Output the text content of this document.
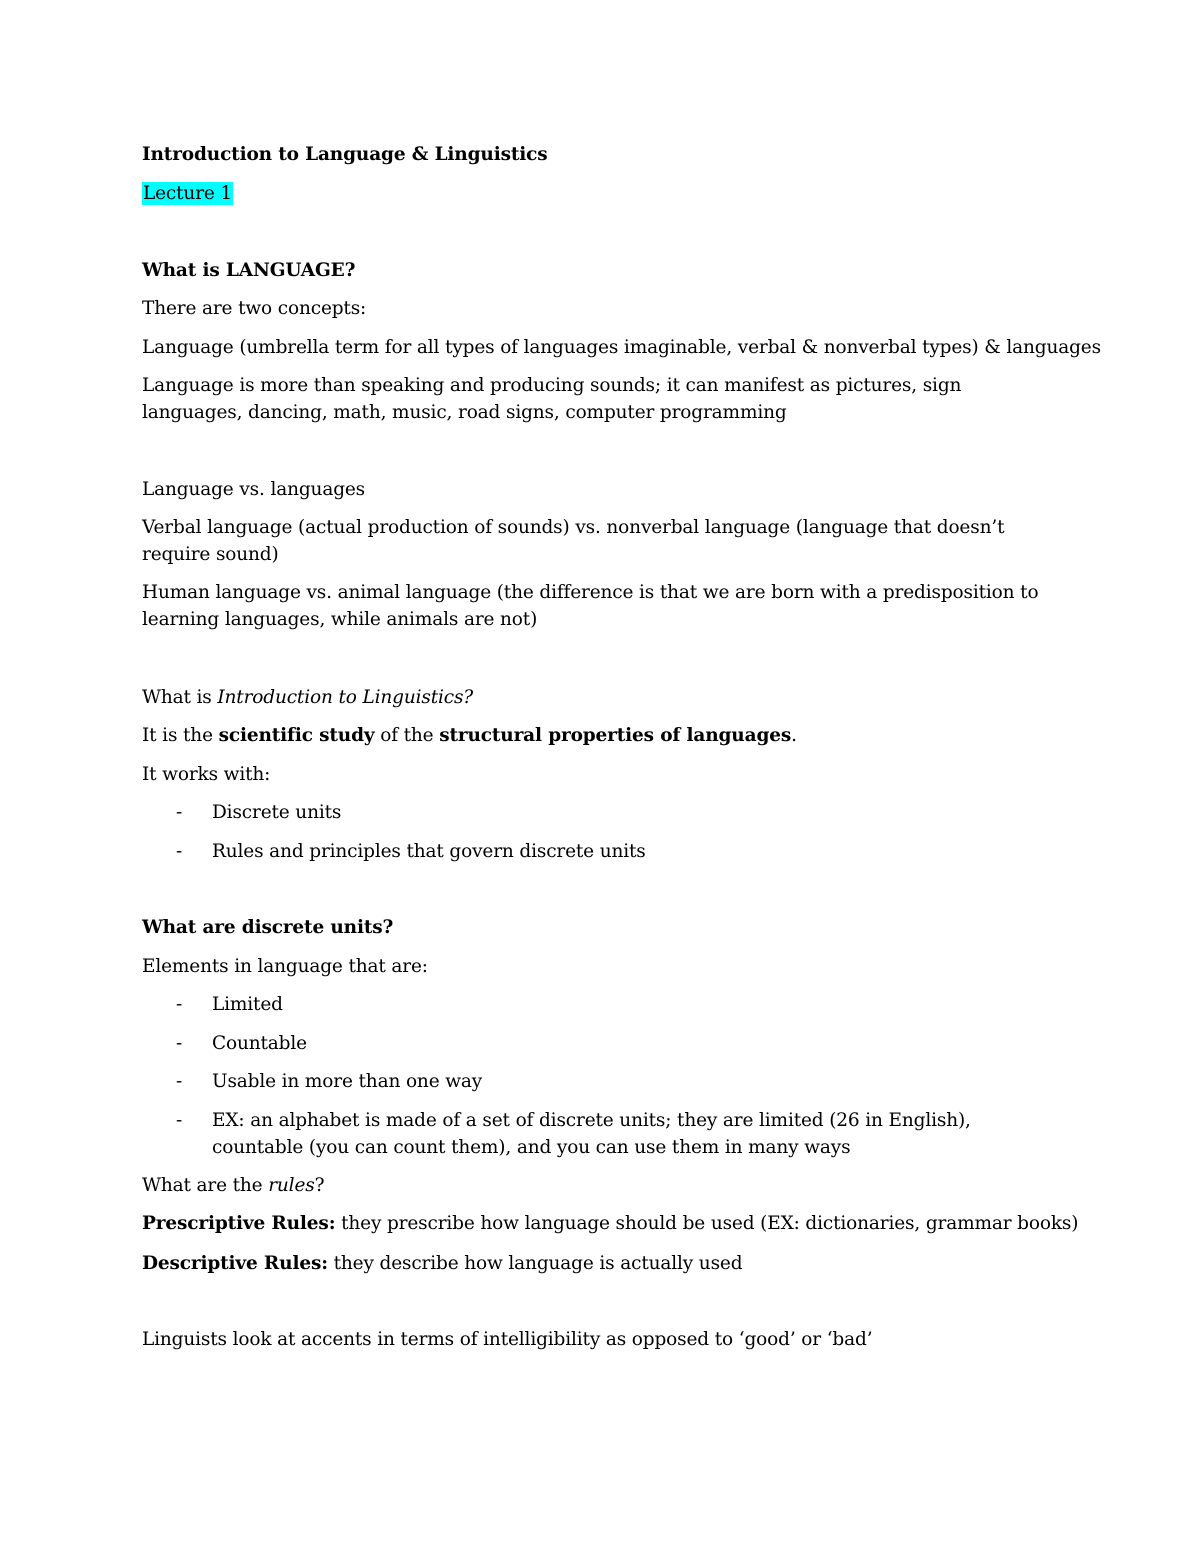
Introduction to Language & Linguistics
Lecture 1
What is LANGUAGE?
There are two concepts:
Language (umbrella term for all types of languages imaginable, verbal & nonverbal types) & languages
Language is more than speaking and producing sounds; it can manifest as pictures, sign languages, dancing, math, music, road signs, computer programming
Language vs. languages
Verbal language (actual production of sounds) vs. nonverbal language (language that doesn’t require sound)
Human language vs. animal language (the difference is that we are born with a predisposition to learning languages, while animals are not)
What is Introduction to Linguistics?
It is the scientific study of the structural properties of languages.
It works with:
- Discrete units
- Rules and principles that govern discrete units
What are discrete units?
Elements in language that are:
- Limited
- Countable
- Usable in more than one way
- EX: an alphabet is made of a set of discrete units; they are limited (26 in English), countable (you can count them), and you can use them in many ways
What are the rules?
Prescriptive Rules: they prescribe how language should be used (EX: dictionaries, grammar books)
Descriptive Rules: they describe how language is actually used
Linguists look at accents in terms of intelligibility as opposed to ‘good’ or ‘bad’
